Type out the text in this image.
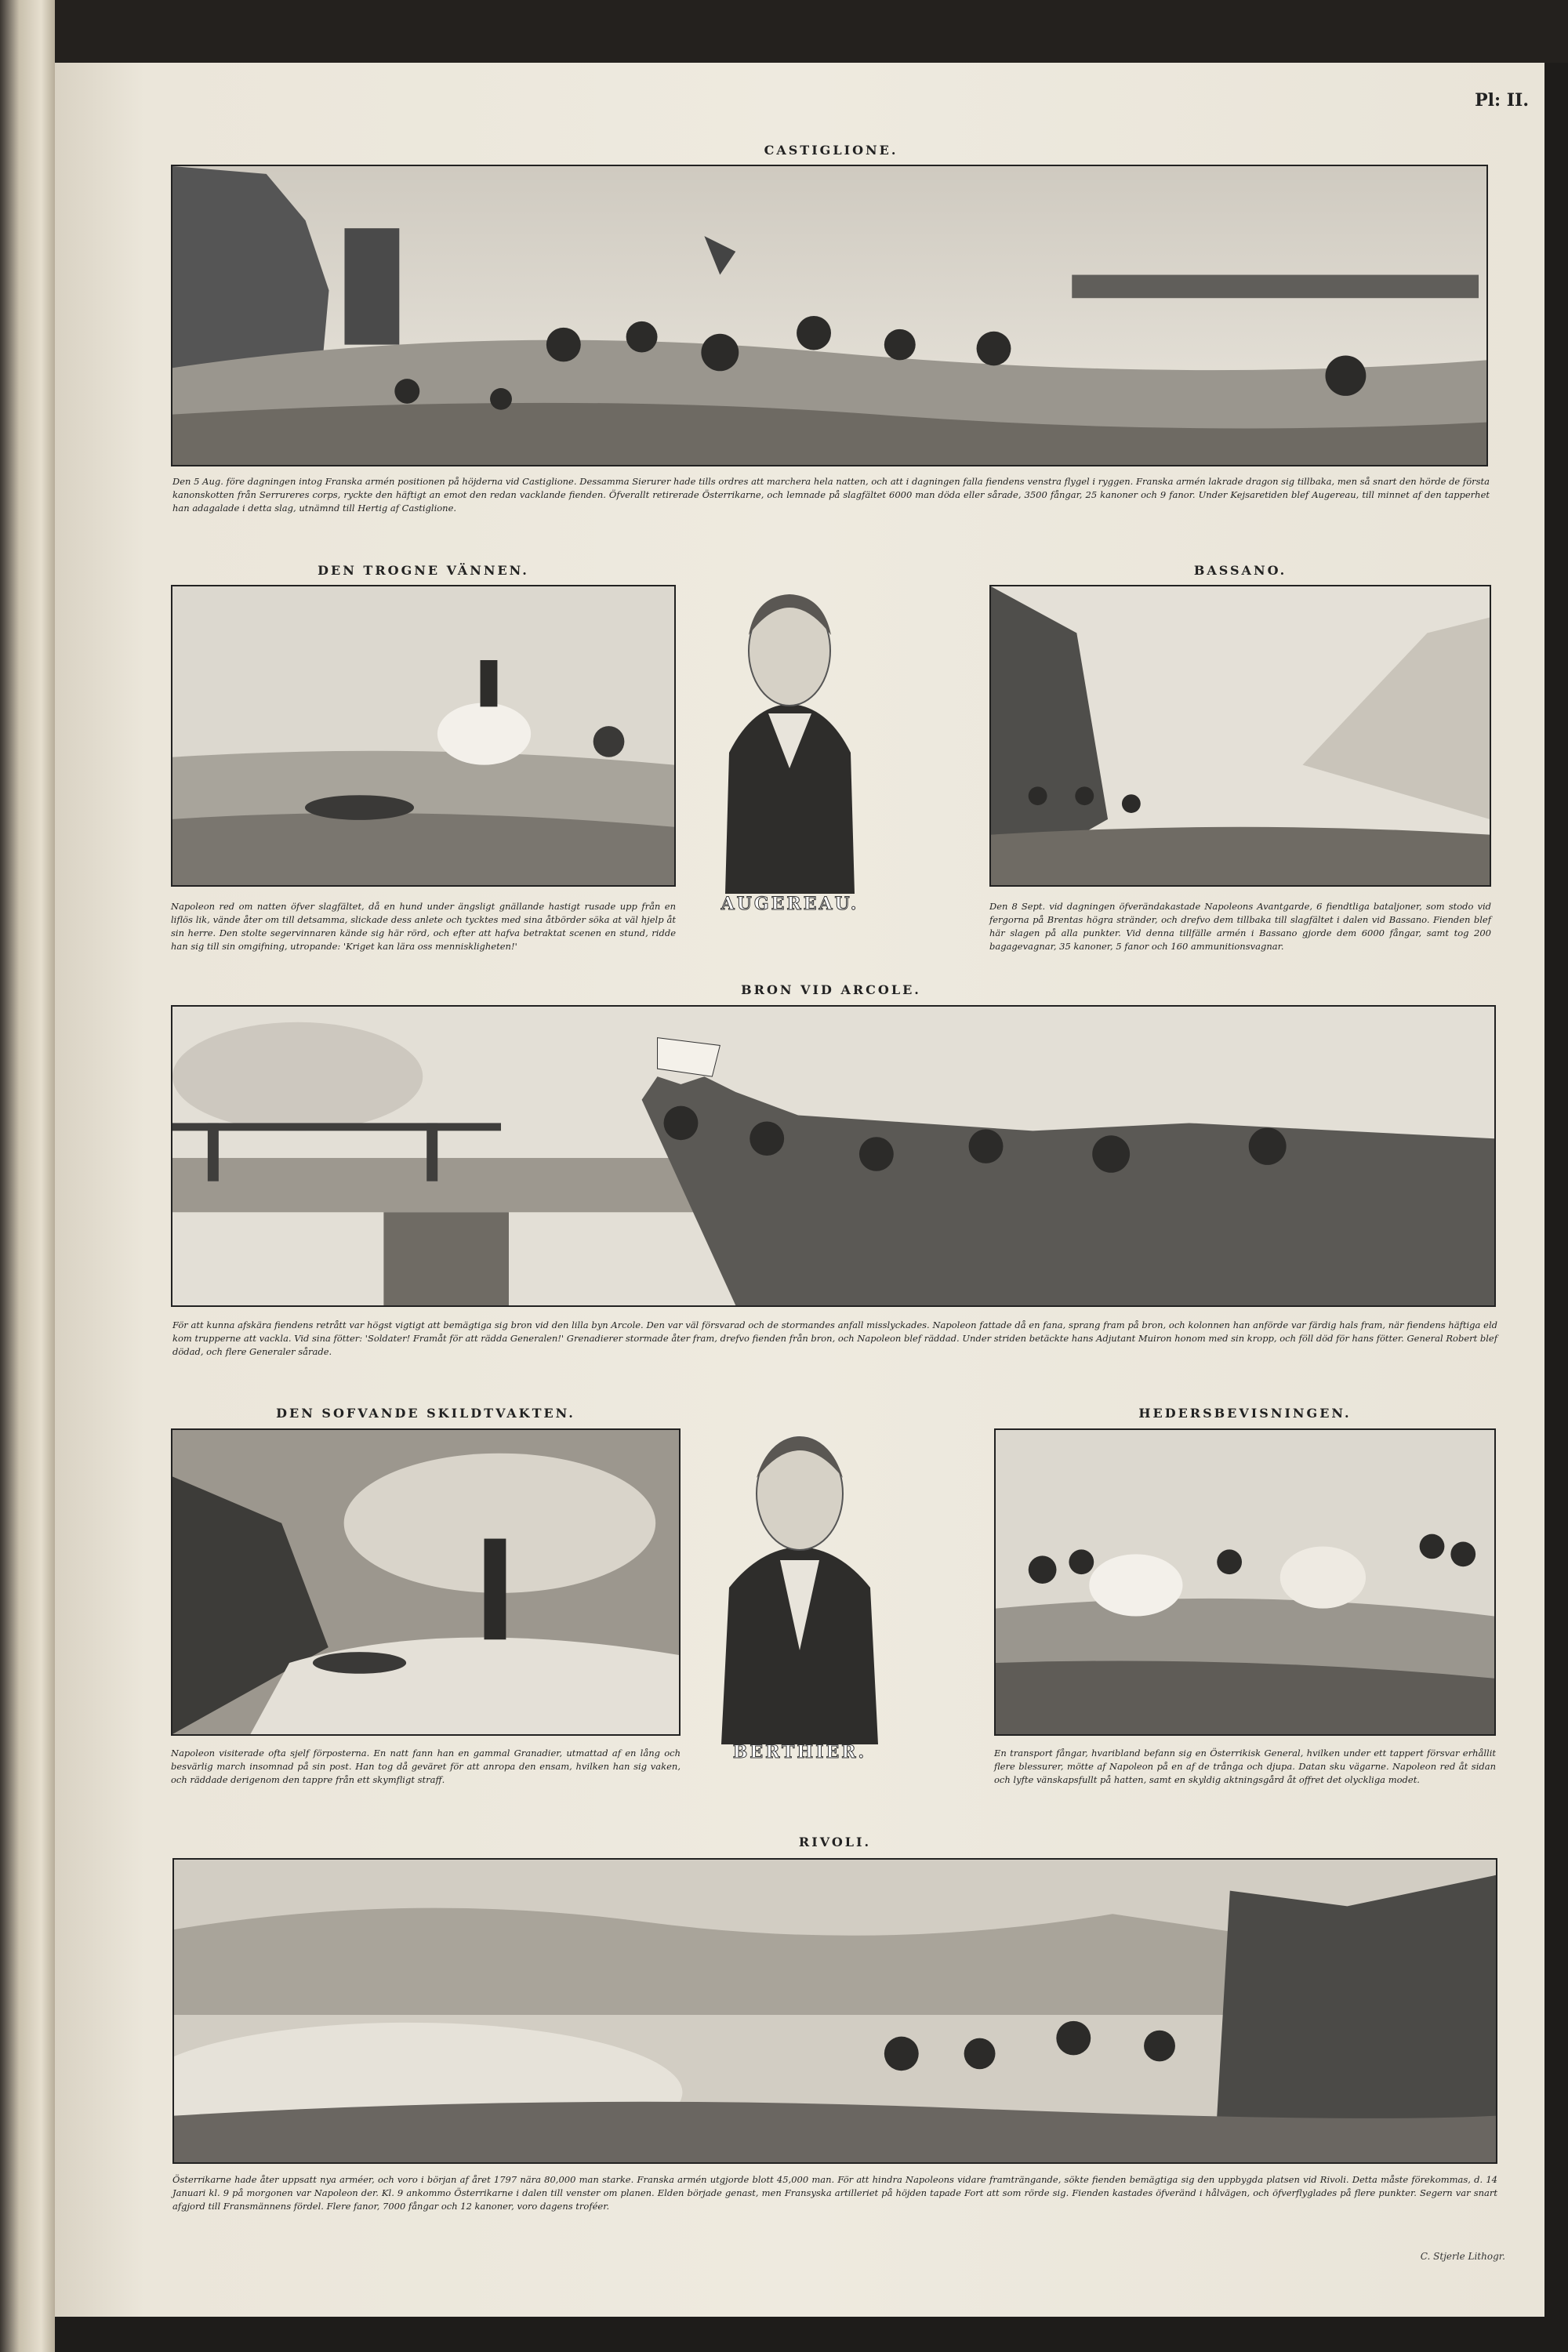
Pl: II.
CASTIGLIONE.
Den 5 Aug. före dagningen intog Franska armén positionen på höjderna vid Castiglione. Dessamma Sierurer hade tills ordres att marchera hela natten, och att i dagningen falla fiendens venstra flygel i ryggen. Franska armén lakrade dragon sig tillbaka, men så snart den hörde de första kanonskotten från Serrureres corps, ryckte den häftigt an emot den redan vacklande fienden. Öfverallt retirerade Österrikarne, och lemnade på slagfältet 6000 man döda eller sårade, 3500 fångar, 25 kanoner och 9 fanor. Under Kejsaretiden blef Augereau, till minnet af den tapperhet han adagalade i detta slag, utnämnd till Hertig af Castiglione.
DEN TROGNE VÄNNEN.
Napoleon red om natten öfver slagfältet, då en hund under ängsligt gnällande hastigt rusade upp från en liflös lik, vände åter om till detsamma, slickade dess anlete och tycktes med sina åtbörder söka at väl hjelp åt sin herre. Den stolte segervinnaren kände sig här rörd, och efter att hafva betraktat scenen en stund, ridde han sig till sin omgifning, utropande: 'Kriget kan lära oss menniskligheten!'
AUGEREAU.
BASSANO.
Den 8 Sept. vid dagningen öfverändakastade Napoleons Avantgarde, 6 fiendtliga bataljoner, som stodo vid fergorna på Brentas högra stränder, och drefvo dem tillbaka till slagfältet i dalen vid Bassano. Fienden blef här slagen på alla punkter. Vid denna tillfälle armén i Bassano gjorde dem 6000 fångar, samt tog 200 bagagevagnar, 35 kanoner, 5 fanor och 160 ammunitionsvagnar.
BRON VID ARCOLE.
För att kunna afskära fiendens retrått var högst vigtigt att bemägtiga sig bron vid den lilla byn Arcole. Den var väl försvarad och de stormandes anfall misslyckades. Napoleon fattade då en fana, sprang fram på bron, och kolonnen han anförde var färdig hals fram, när fiendens häftiga eld kom trupperne att vackla. Vid sina fötter: 'Soldater! Framåt för att rädda Generalen!' Grenadierer stormade åter fram, drefvo fienden från bron, och Napoleon blef räddad. Under striden betäckte hans Adjutant Muiron honom med sin kropp, och föll död för hans fötter. General Robert blef dödad, och flere Generaler sårade.
DEN SOFVANDE SKILDTVAKTEN.
Napoleon visiterade ofta sjelf förposterna. En natt fann han en gammal Granadier, utmattad af en lång och besvärlig march insomnad på sin post. Han tog då geväret för att anropa den ensam, hvilken han sig vaken, och räddade derigenom den tappre från ett skymfligt straff.
BERTHIER.
HEDERSBEVISNINGEN.
En transport fångar, hvaribland befann sig en Österrikisk General, hvilken under ett tappert försvar erhållit flere blessurer, mötte af Napoleon på en af de trånga och djupa. Datan sku vägarne. Napoleon red åt sidan och lyfte vänskapsfullt på hatten, samt en skyldig aktningsgård åt offret det olyckliga modet.
RIVOLI.
Österrikarne hade åter uppsatt nya arméer, och voro i början af året 1797 nära 80,000 man starke. Franska armén utgjorde blott 45,000 man. För att hindra Napoleons vidare framträngande, sökte fienden bemägtiga sig den uppbygda platsen vid Rivoli. Detta måste förekommas, d. 14 Januari kl. 9 på morgonen var Napoleon der. Kl. 9 ankommo Österrikarne i dalen till venster om planen. Elden började genast, men Fransyska artilleriet på höjden tapade Fort att som rörde sig. Fienden kastades öfveränd i hålvägen, och öfverflyglades på flere punkter. Segern var snart afgjord till Fransmännens fördel. Flere fanor, 7000 fångar och 12 kanoner, voro dagens troféer.
C. Stjerle Lithogr.
